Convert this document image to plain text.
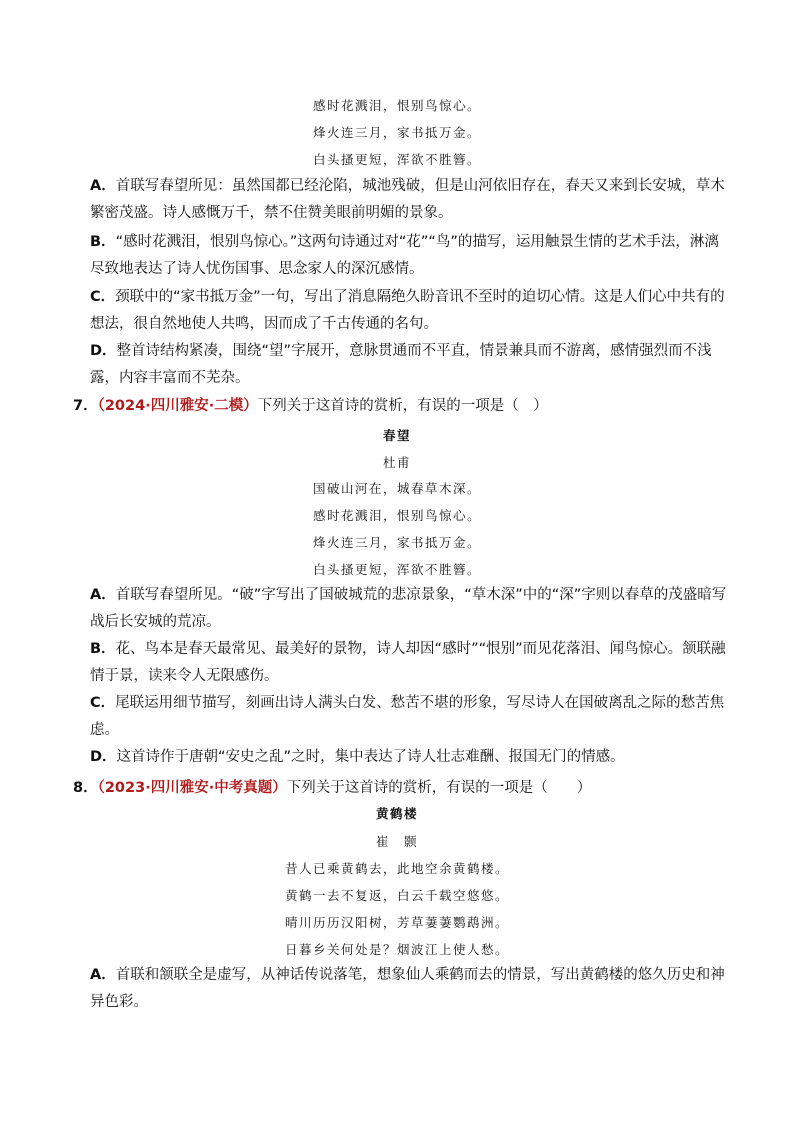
感时花溅泪，恨别鸟惊心。
烽火连三月，家书抵万金。
白头搔更短，浑欲不胜簪。
A．首联写春望所见：虽然国都已经沦陷，城池残破，但是山河依旧存在，春天又来到长安城，草木繁密茂盛。诗人感慨万千，禁不住赞美眼前明媚的景象。
B．“感时花溅泪，恨别鸟惊心。”这两句诗通过对“花”“鸟”的描写，运用触景生情的艺术手法，淋漓尽致地表达了诗人忧伤国事、思念家人的深沉感情。
C．颈联中的“家书抵万金”一句，写出了消息隔绝久盼音讯不至时的迫切心情。这是人们心中共有的想法，很自然地使人共鸣，因而成了千古传通的名句。
D．整首诗结构紧凑，围绕“望”字展开，意脉贯通而不平直，情景兼具而不游离，感情强烈而不浅露，内容丰富而不芜杂。
7．（2024·四川雅安·二模）下列关于这首诗的赏析，有误的一项是（　）
春望
杜甫
国破山河在，城春草木深。
感时花溅泪，恨别鸟惊心。
烽火连三月，家书抵万金。
白头搔更短，浑欲不胜簪。
A．首联写春望所见。“破”字写出了国破城荒的悲凉景象，“草木深”中的“深”字则以春草的茂盛暗写战后长安城的荒凉。
B．花、鸟本是春天最常见、最美好的景物，诗人却因“感时”“恨别”而见花落泪、闻鸟惊心。颔联融情于景，读来令人无限感伤。
C．尾联运用细节描写，刻画出诗人满头白发、愁苦不堪的形象，写尽诗人在国破离乱之际的愁苦焦虑。
D．这首诗作于唐朝“安史之乱”之时，集中表达了诗人壮志难酬、报国无门的情感。
8．（2023·四川雅安·中考真题）下列关于这首诗的赏析，有误的一项是（　　）
黄鹤楼
崔　颢
昔人已乘黄鹤去，此地空余黄鹤楼。
黄鹤一去不复返，白云千载空悠悠。
晴川历历汉阳树，芳草萋萋鹦鹉洲。
日暮乡关何处是？烟波江上使人愁。
A．首联和颔联全是虚写，从神话传说落笔，想象仙人乘鹤而去的情景，写出黄鹤楼的悠久历史和神异色彩。
